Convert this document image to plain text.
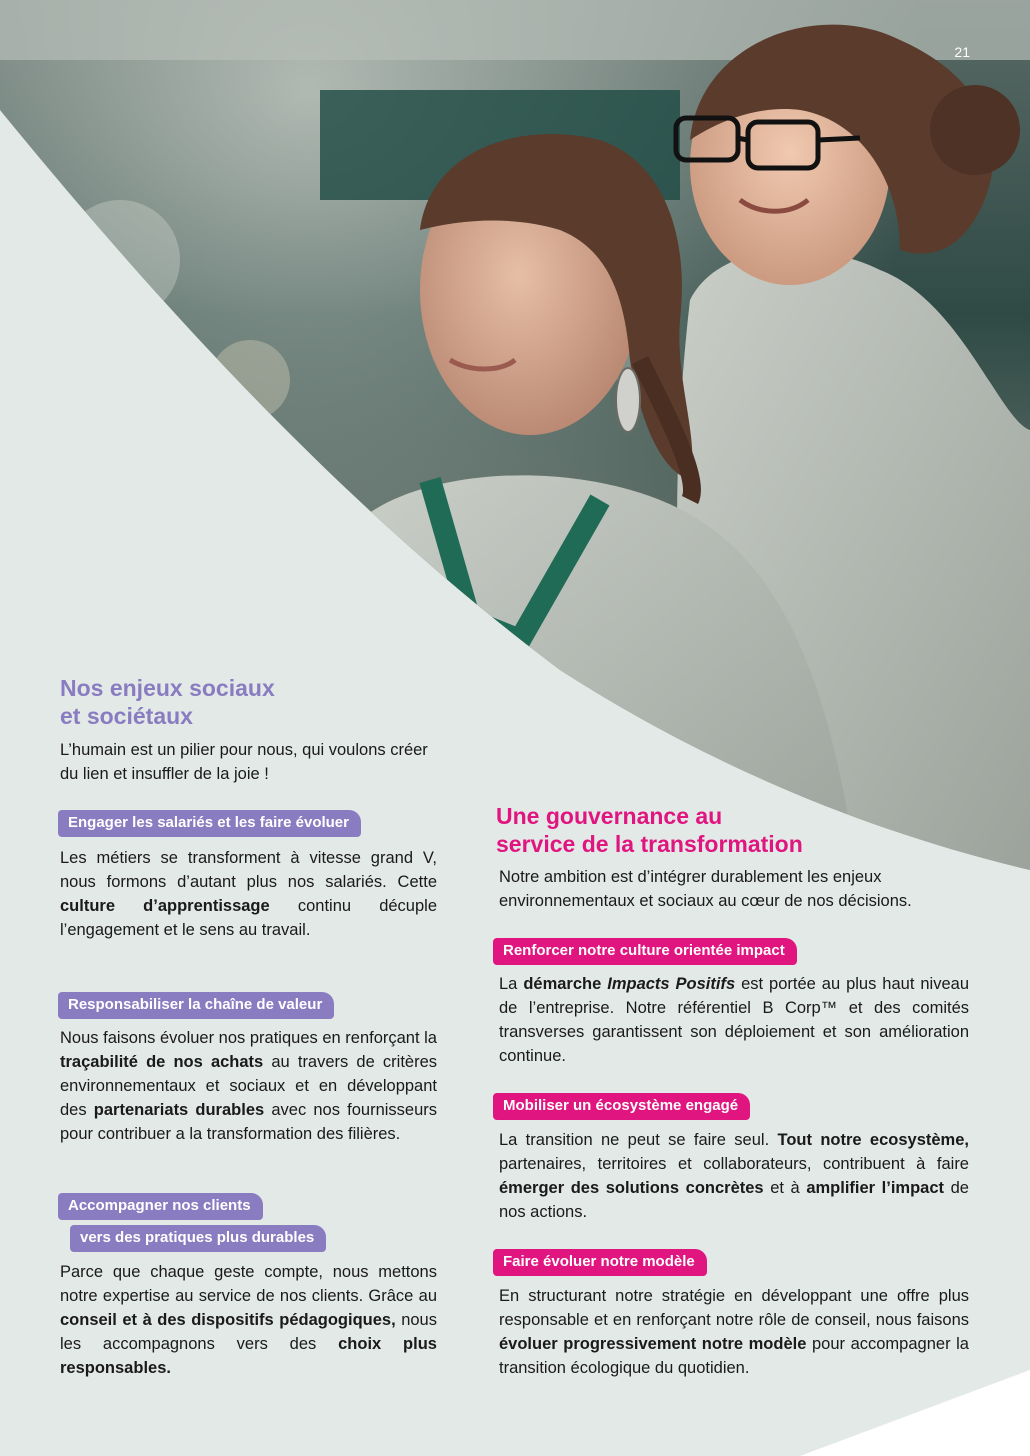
21
Nos enjeux sociaux
et sociétaux

L’humain est un pilier pour nous, qui voulons créer du lien et insuffler de la joie !

Engager les salariés et les faire évoluer

Les métiers se transforment à vitesse grand V, nous formons d’autant plus nos salariés. Cette culture d’apprentissage continu décuple l’engagement et le sens au travail.

Responsabiliser la chaîne de valeur

Nous faisons évoluer nos pratiques en renforçant la traçabilité de nos achats au travers de critères environnementaux et sociaux et en développant des partenariats durables avec nos fournisseurs pour contribuer a la transformation des filières.

Accompagner nos clients
vers des pratiques plus durables

Parce que chaque geste compte, nous mettons notre expertise au service de nos clients. Grâce au conseil et à des dispositifs pédagogiques, nous les accompagnons vers des choix plus responsables.

Une gouvernance au
service de la transformation

Notre ambition est d’intégrer durablement les enjeux environnementaux et sociaux au cœur de nos décisions.

Renforcer notre culture orientée impact

La démarche Impacts Positifs est portée au plus haut niveau de l’entreprise. Notre référentiel B Corp™ et des comités transverses garantissent son déploiement et son amélioration continue.

Mobiliser un écosystème engagé

La transition ne peut se faire seul. Tout notre ecosystème, partenaires, territoires et collaborateurs, contribuent à faire émerger des solutions concrètes et à amplifier l’impact de nos actions.

Faire évoluer notre modèle

En structurant notre stratégie en développant une offre plus responsable et en renforçant notre rôle de conseil, nous faisons évoluer progressivement notre modèle pour accompagner la transition écologique du quotidien.
